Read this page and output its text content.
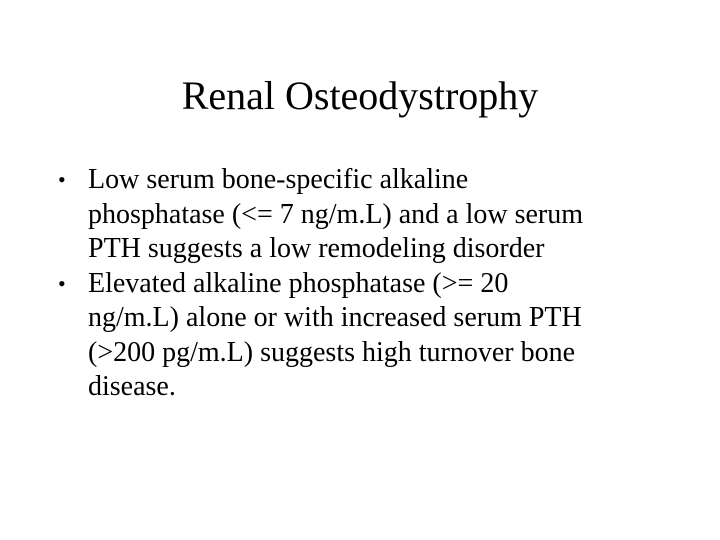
Renal Osteodystrophy
• Low serum bone-specific alkaline
phosphatase (<= 7 ng/m.L) and a low serum
PTH suggests a low remodeling disorder
• Elevated alkaline phosphatase (>= 20
ng/m.L) alone or with increased serum PTH
(>200 pg/m.L) suggests high turnover bone
disease.
